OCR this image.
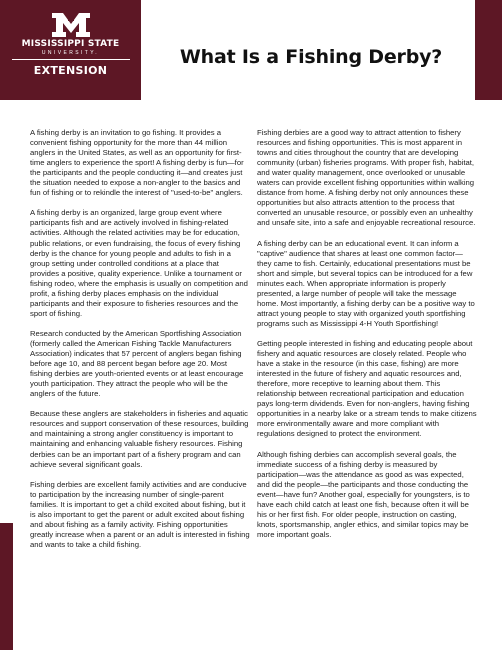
MISSISSIPPI STATE
UNIVERSITY.
EXTENSION
What Is a Fishing Derby?

A fishing derby is an invitation to go fishing. It provides a convenient fishing opportunity for the more than 44 million anglers in the United States, as well as an opportunity for first-time anglers to experience the sport! A fishing derby is fun—for the participants and the people conducting it—and creates just the situation needed to expose a non-angler to the basics and fun of fishing or to rekindle the interest of "used-to-be" anglers.

A fishing derby is an organized, large group event where participants fish and are actively involved in fishing-related activities. Although the related activities may be for education, public relations, or even fundraising, the focus of every fishing derby is the chance for young people and adults to fish in a group setting under controlled conditions at a place that provides a positive, quality experience. Unlike a tournament or fishing rodeo, where the emphasis is usually on competition and profit, a fishing derby places emphasis on the individual participants and their exposure to fisheries resources and the sport of fishing.

Research conducted by the American Sportfishing Association (formerly called the American Fishing Tackle Manufacturers Association) indicates that 57 percent of anglers began fishing before age 10, and 88 percent began before age 20. Most fishing derbies are youth-oriented events or at least encourage youth participation. They attract the people who will be the anglers of the future.

Because these anglers are stakeholders in fisheries and aquatic resources and support conservation of these resources, building and maintaining a strong angler constituency is important to maintaining and enhancing valuable fishery resources. Fishing derbies can be an important part of a fishery program and can achieve several significant goals.

Fishing derbies are excellent family activities and are conducive to participation by the increasing number of single-parent families. It is important to get a child excited about fishing, but it is also important to get the parent or adult excited about fishing and about fishing as a family activity. Fishing opportunities greatly increase when a parent or an adult is interested in fishing and wants to take a child fishing.

Fishing derbies are a good way to attract attention to fishery resources and fishing opportunities. This is most apparent in towns and cities throughout the country that are developing community (urban) fisheries programs. With proper fish, habitat, and water quality management, once overlooked or unusable waters can provide excellent fishing opportunities within walking distance from home. A fishing derby not only announces these opportunities but also attracts attention to the process that converted an unusable resource, or possibly even an unhealthy and unsafe site, into a safe and enjoyable recreational resource.

A fishing derby can be an educational event. It can inform a "captive" audience that shares at least one common factor—they came to fish. Certainly, educational presentations must be short and simple, but several topics can be introduced for a few minutes each. When appropriate information is properly presented, a large number of people will take the message home. Most importantly, a fishing derby can be a positive way to attract young people to stay with organized youth sportfishing programs such as Mississippi 4-H Youth Sportfishing!

Getting people interested in fishing and educating people about fishery and aquatic resources are closely related. People who have a stake in the resource (in this case, fishing) are more interested in the future of fishery and aquatic resources and, therefore, more receptive to learning about them. This relationship between recreational participation and education pays long-term dividends. Even for non-anglers, having fishing opportunities in a nearby lake or a stream tends to make citizens more environmentally aware and more compliant with regulations designed to protect the environment.

Although fishing derbies can accomplish several goals, the immediate success of a fishing derby is measured by participation—was the attendance as good as was expected, and did the people—the participants and those conducting the event—have fun? Another goal, especially for youngsters, is to have each child catch at least one fish, because often it will be his or her first fish. For older people, instruction on casting, knots, sportsmanship, angler ethics, and similar topics may be more important goals.
